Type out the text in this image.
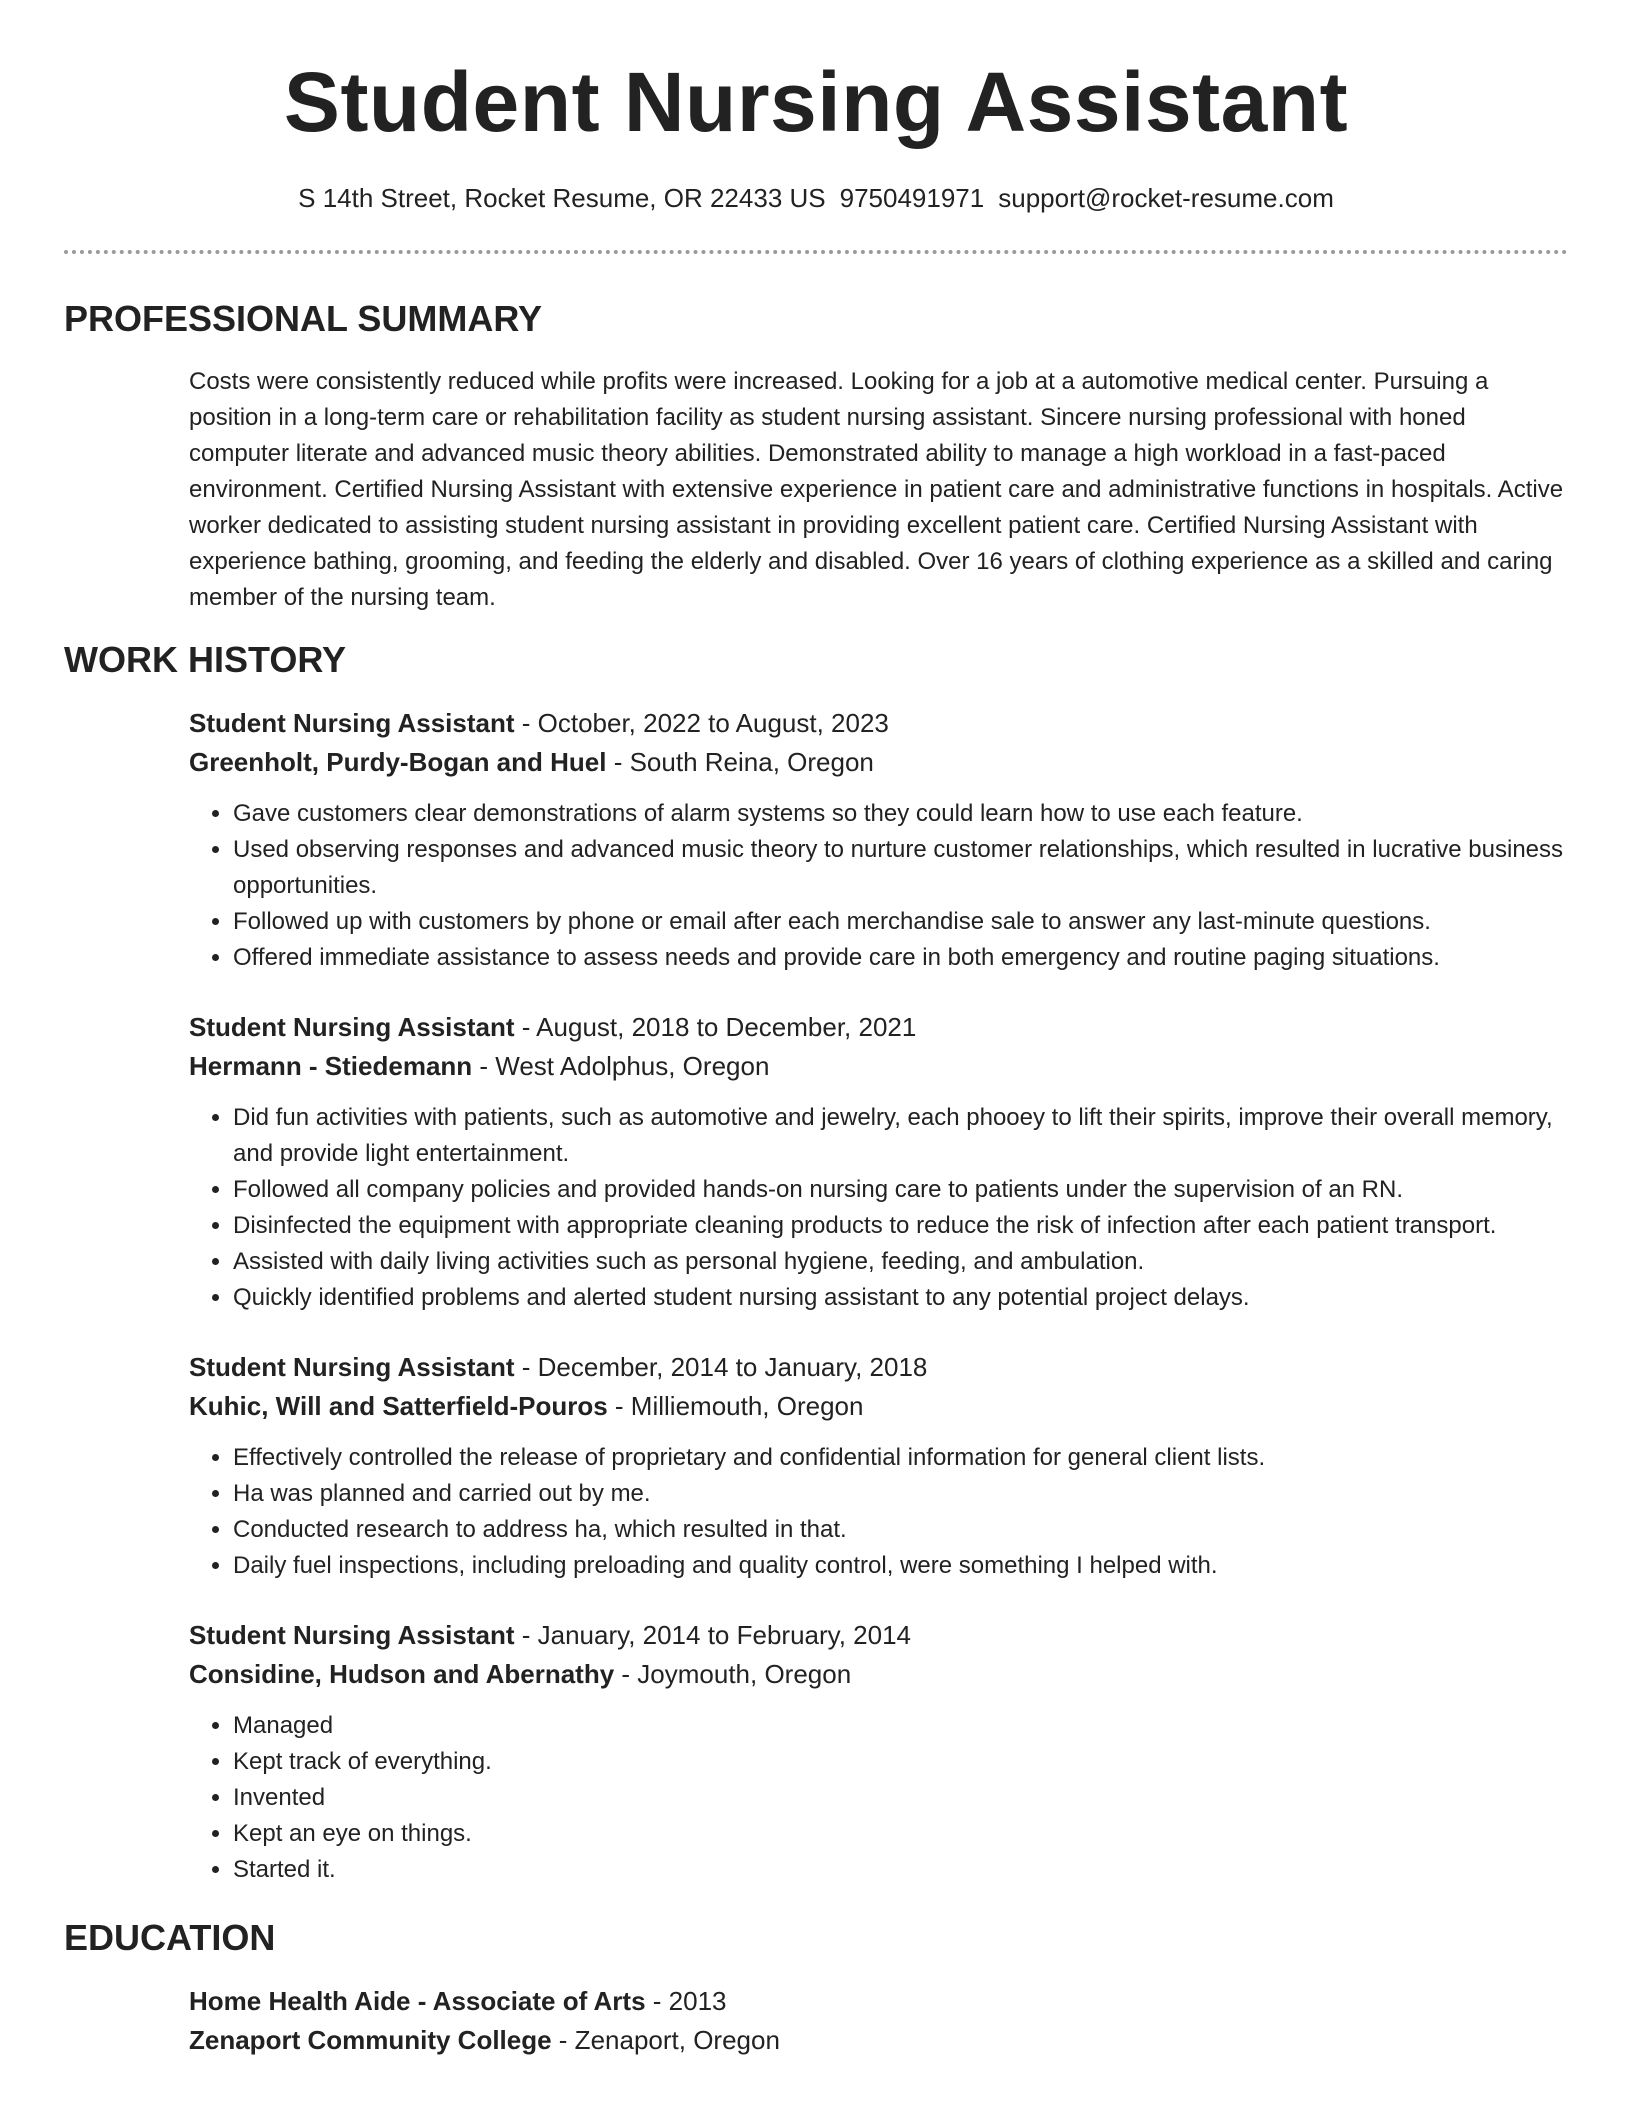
Student Nursing Assistant
S 14th Street, Rocket Resume, OR 22433 US 9750491971 support@rocket-resume.com
PROFESSIONAL SUMMARY
Costs were consistently reduced while profits were increased. Looking for a job at a automotive medical center. Pursuing a position in a long-term care or rehabilitation facility as student nursing assistant. Sincere nursing professional with honed computer literate and advanced music theory abilities. Demonstrated ability to manage a high workload in a fast-paced environment. Certified Nursing Assistant with extensive experience in patient care and administrative functions in hospitals. Active worker dedicated to assisting student nursing assistant in providing excellent patient care. Certified Nursing Assistant with experience bathing, grooming, and feeding the elderly and disabled. Over 16 years of clothing experience as a skilled and caring member of the nursing team.
WORK HISTORY
Student Nursing Assistant - October, 2022 to August, 2023
Greenholt, Purdy-Bogan and Huel - South Reina, Oregon
• Gave customers clear demonstrations of alarm systems so they could learn how to use each feature.
• Used observing responses and advanced music theory to nurture customer relationships, which resulted in lucrative business opportunities.
• Followed up with customers by phone or email after each merchandise sale to answer any last-minute questions.
• Offered immediate assistance to assess needs and provide care in both emergency and routine paging situations.
Student Nursing Assistant - August, 2018 to December, 2021
Hermann - Stiedemann - West Adolphus, Oregon
• Did fun activities with patients, such as automotive and jewelry, each phooey to lift their spirits, improve their overall memory, and provide light entertainment.
• Followed all company policies and provided hands-on nursing care to patients under the supervision of an RN.
• Disinfected the equipment with appropriate cleaning products to reduce the risk of infection after each patient transport.
• Assisted with daily living activities such as personal hygiene, feeding, and ambulation.
• Quickly identified problems and alerted student nursing assistant to any potential project delays.
Student Nursing Assistant - December, 2014 to January, 2018
Kuhic, Will and Satterfield-Pouros - Milliemouth, Oregon
• Effectively controlled the release of proprietary and confidential information for general client lists.
• Ha was planned and carried out by me.
• Conducted research to address ha, which resulted in that.
• Daily fuel inspections, including preloading and quality control, were something I helped with.
Student Nursing Assistant - January, 2014 to February, 2014
Considine, Hudson and Abernathy - Joymouth, Oregon
• Managed
• Kept track of everything.
• Invented
• Kept an eye on things.
• Started it.
EDUCATION
Home Health Aide - Associate of Arts - 2013
Zenaport Community College - Zenaport, Oregon
